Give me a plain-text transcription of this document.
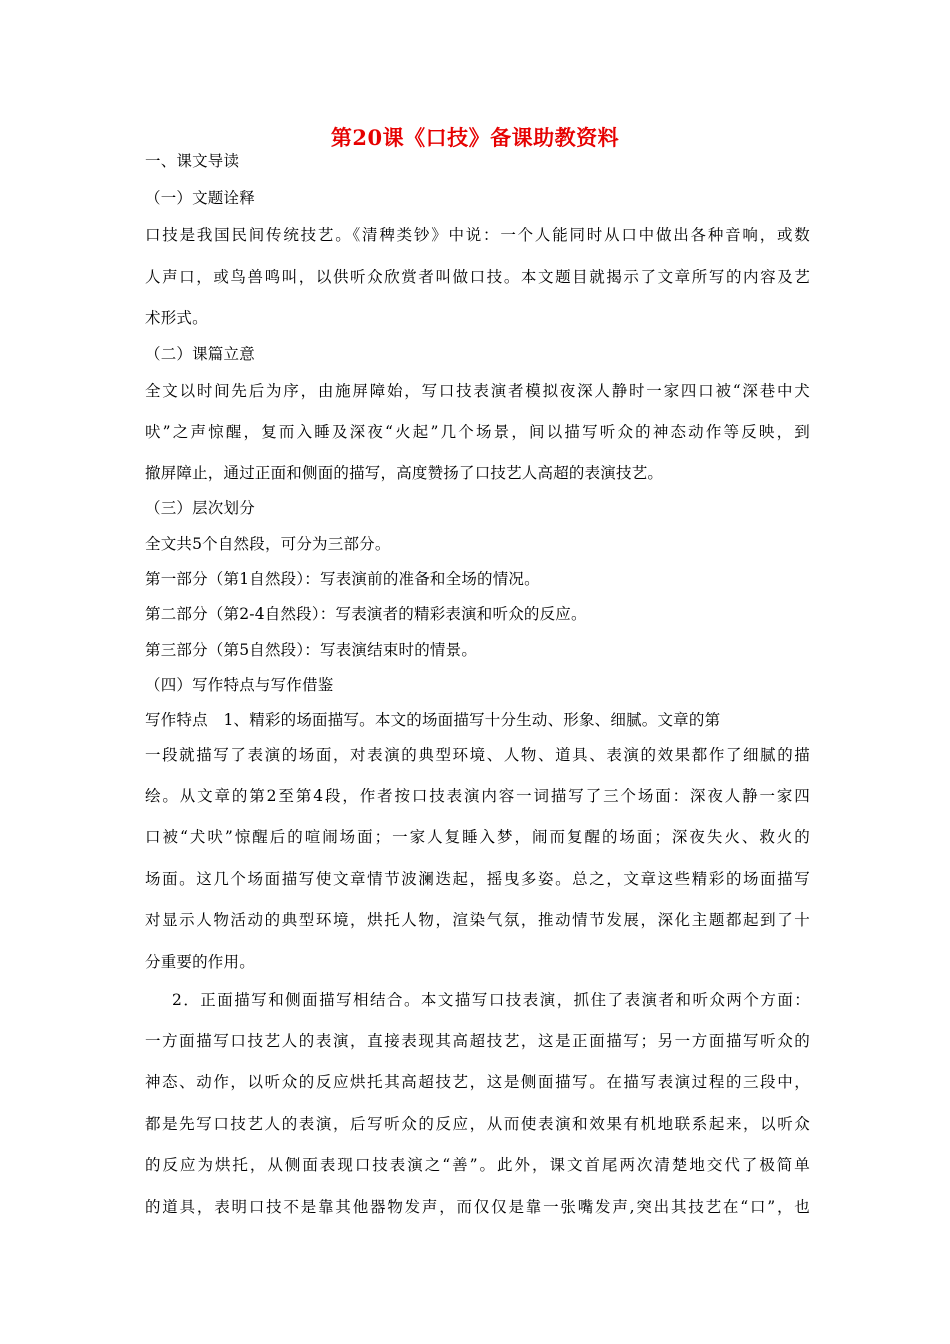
第20课《口技》备课助教资料
一、课文导读
（一）文题诠释
口技是我国民间传统技艺。《清稗类钞》中说：一个人能同时从口中做出各种音响，或数
人声口，或鸟兽鸣叫，以供听众欣赏者叫做口技。本文题目就揭示了文章所写的内容及艺
术形式。
（二）课篇立意
全文以时间先后为序，由施屏障始，写口技表演者模拟夜深人静时一家四口被“深巷中犬
吠”之声惊醒，复而入睡及深夜“火起”几个场景，间以描写听众的神态动作等反映，到
撤屏障止，通过正面和侧面的描写，高度赞扬了口技艺人高超的表演技艺。
（三）层次划分
全文共5个自然段，可分为三部分。
第一部分（第1自然段）：写表演前的准备和全场的情况。
第二部分（第2-4自然段）：写表演者的精彩表演和听众的反应。
第三部分（第5自然段）：写表演结束时的情景。
（四）写作特点与写作借鉴
写作特点　1、精彩的场面描写。本文的场面描写十分生动、形象、细腻。文章的第
一段就描写了表演的场面，对表演的典型环境、人物、道具、表演的效果都作了细腻的描
绘。从文章的第2至第4段，作者按口技表演内容一词描写了三个场面：深夜人静一家四
口被“犬吠”惊醒后的喧闹场面；一家人复睡入梦，闹而复醒的场面；深夜失火、救火的
场面。这几个场面描写使文章情节波澜迭起，摇曳多姿。总之，文章这些精彩的场面描写
对显示人物活动的典型环境，烘托人物，渲染气氛，推动情节发展，深化主题都起到了十
分重要的作用。
2．正面描写和侧面描写相结合。本文描写口技表演，抓住了表演者和听众两个方面：
一方面描写口技艺人的表演，直接表现其高超技艺，这是正面描写；另一方面描写听众的
神态、动作，以听众的反应烘托其高超技艺，这是侧面描写。在描写表演过程的三段中，
都是先写口技艺人的表演，后写听众的反应，从而使表演和效果有机地联系起来，以听众
的反应为烘托，从侧面表现口技表演之“善”。此外，课文首尾两次清楚地交代了极简单
的道具，表明口技不是靠其他器物发声，而仅仅是靠一张嘴发声,突出其技艺在“口”，也
